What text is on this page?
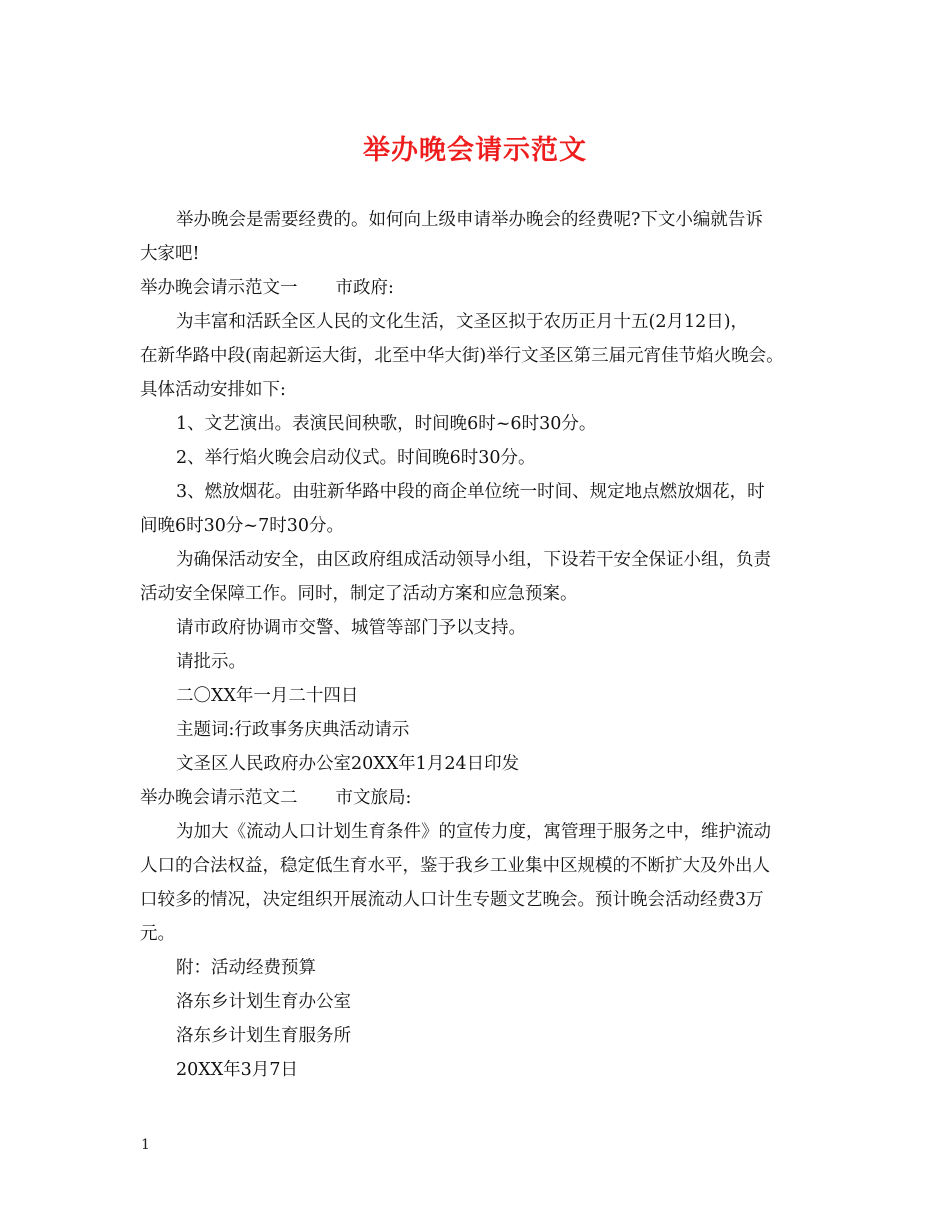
举办晚会请示范文

举办晚会是需要经费的。如何向上级申请举办晚会的经费呢?下文小编就告诉

大家吧!

举办晚会请示范文一 市政府:

为丰富和活跃全区人民的文化生活，文圣区拟于农历正月十五(2月12日)，

在新华路中段(南起新运大街，北至中华大街)举行文圣区第三届元宵佳节焰火晚会。

具体活动安排如下:

1、文艺演出。表演民间秧歌，时间晚6时~6时30分。

2、举行焰火晚会启动仪式。时间晚6时30分。

3、燃放烟花。由驻新华路中段的商企单位统一时间、规定地点燃放烟花，时

间晚6时30分~7时30分。

为确保活动安全，由区政府组成活动领导小组，下设若干安全保证小组，负责

活动安全保障工作。同时，制定了活动方案和应急预案。

请市政府协调市交警、城管等部门予以支持。

请批示。

二〇XX年一月二十四日

主题词:行政事务庆典活动请示

文圣区人民政府办公室20XX年1月24日印发

举办晚会请示范文二 市文旅局:

为加大《流动人口计划生育条件》的宣传力度，寓管理于服务之中，维护流动

人口的合法权益，稳定低生育水平，鉴于我乡工业集中区规模的不断扩大及外出人

口较多的情况，决定组织开展流动人口计生专题文艺晚会。预计晚会活动经费3万

元。

附：活动经费预算

洛东乡计划生育办公室

洛东乡计划生育服务所

20XX年3月7日

1
